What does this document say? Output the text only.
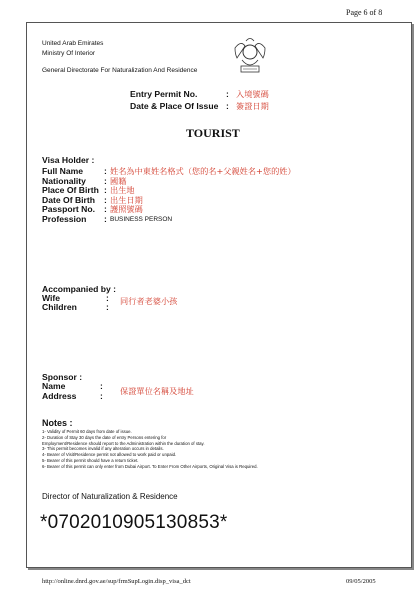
Page 6 of 8
United Arab Emirates
Ministry Of Interior
General Directorate For Naturalization And Residence
Entry Permit No.	: 入境號碼
Date & Place Of Issue : 簽證日期
TOURIST
Visa Holder :
Full Name : 姓名為中東姓名格式（您的名+父親姓名+您的姓）
Nationality : 國籍
Place Of Birth : 出生地
Date Of Birth : 出生日期
Passport No. : 護照號碼
Profession : BUSINESS PERSON
Accompanied by :
Wife
Children
:
:
同行者老婆小孩
Sponsor :
Name
Address
:
: 保證單位名稱及地址
Notes :
1- Validity of Permit 60 days from date of issue.
2- Duration of Stay 30 days the date of entry Persons entering for
Employment/Residence should report to the Administration within the duration of stay.
3- This permit becomes invalid if any alteration occurs in details.
4- Bearer of Visit/Residence permit not allowed to work paid or unpaid.
5- Bearer of this permit should have a return ticket.
6- Bearer of this permit can only enter from Dubai Airport. To Enter From Other Airports, Original Visa is Required.
Director of Naturalization & Residence
*0702010905130853*
http://online.dnrd.gov.ae/sup/frmSupLogin.disp_visa_dct	09/05/2005
